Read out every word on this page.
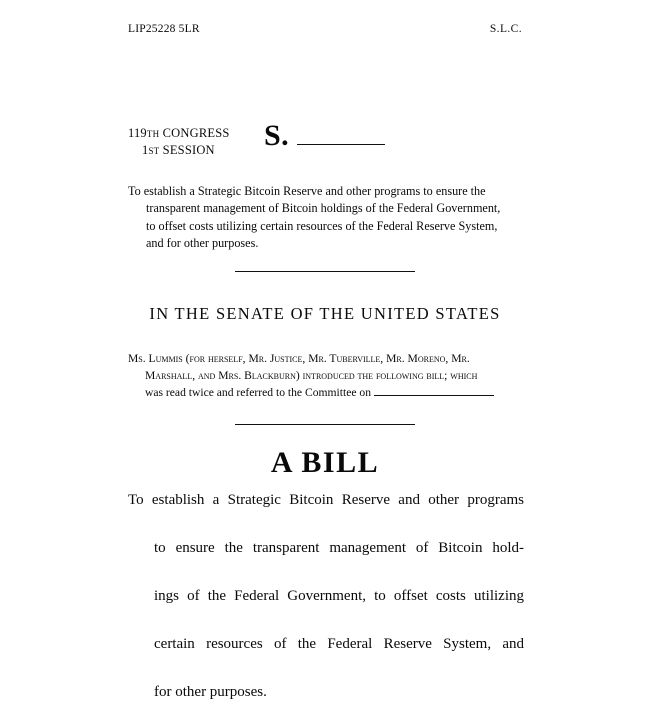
LIP25228 5LR	S.L.C.
119th CONGRESS
1st SESSION	S.
To establish a Strategic Bitcoin Reserve and other programs to ensure the
transparent management of Bitcoin holdings of the Federal Government,
to offset costs utilizing certain resources of the Federal Reserve System,
and for other purposes.
IN THE SENATE OF THE UNITED STATES
Ms. Lummis (for herself, Mr. Justice, Mr. Tuberville, Mr. Moreno, Mr.
Marshall, and Mrs. Blackburn) introduced the following bill; which
was read twice and referred to the Committee on
A BILL
To establish a Strategic Bitcoin Reserve and other programs
to ensure the transparent management of Bitcoin hold-
ings of the Federal Government, to offset costs utilizing
certain resources of the Federal Reserve System, and
for other purposes.
